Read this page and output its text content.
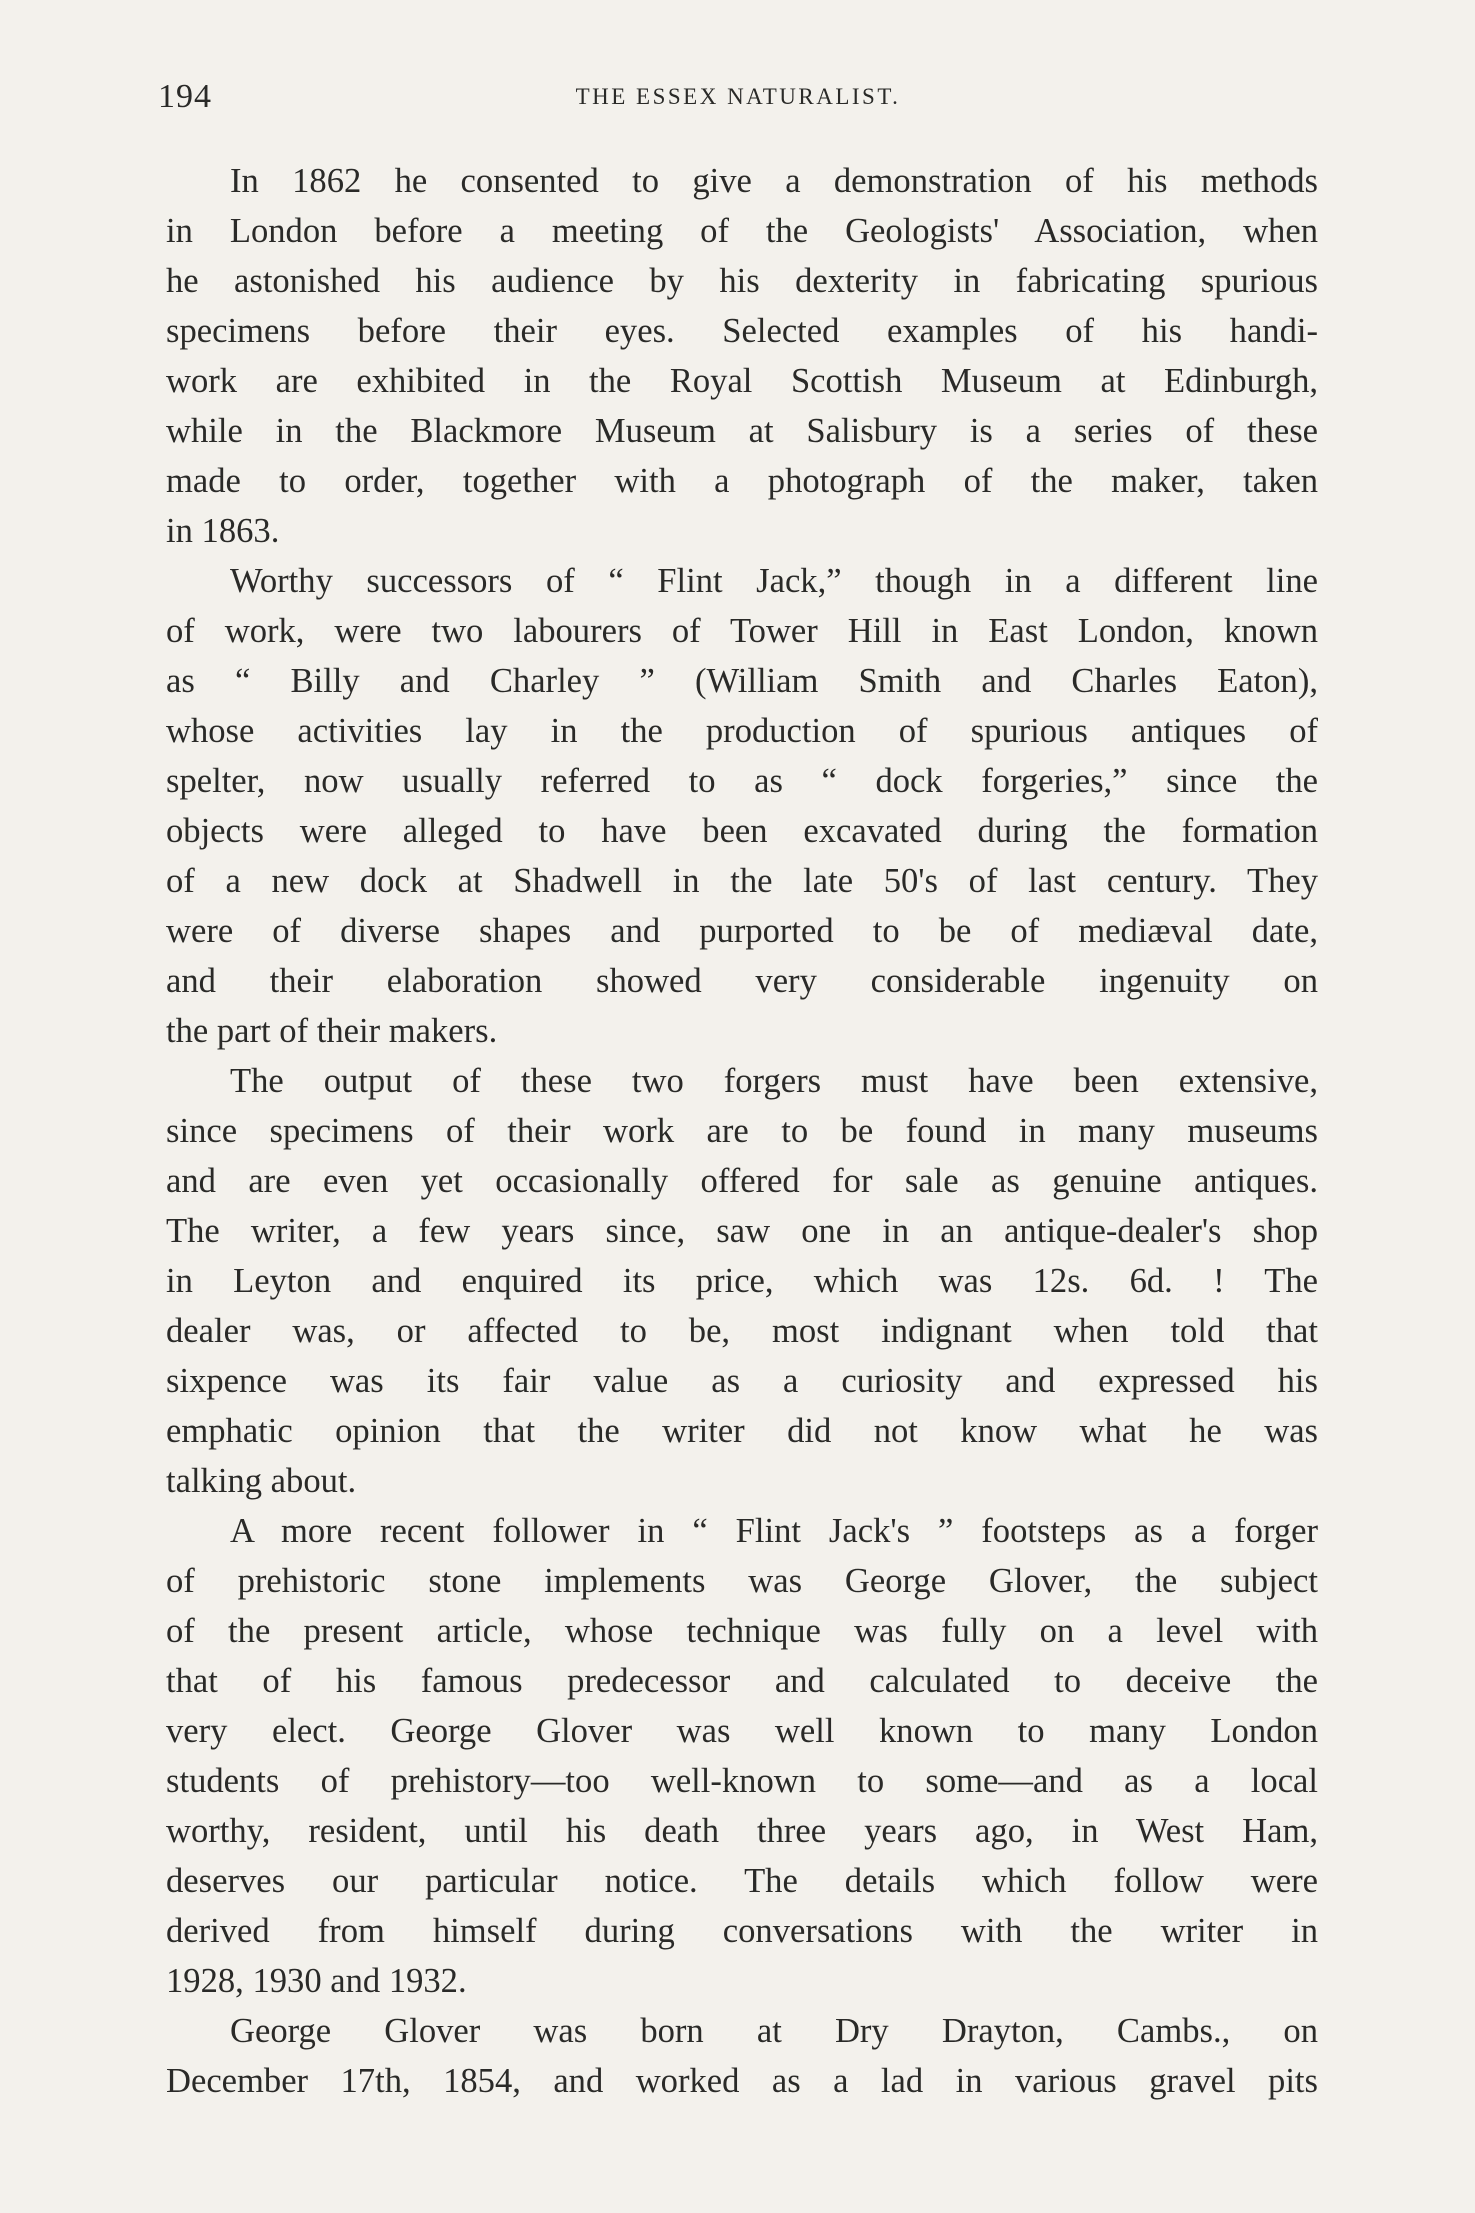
194	THE ESSEX NATURALIST.

In 1862 he consented to give a demonstration of his methods
in London before a meeting of the Geologists' Association, when
he astonished his audience by his dexterity in fabricating spurious
specimens before their eyes. Selected examples of his handi-
work are exhibited in the Royal Scottish Museum at Edinburgh,
while in the Blackmore Museum at Salisbury is a series of these
made to order, together with a photograph of the maker, taken
in 1863.

Worthy successors of “ Flint Jack,” though in a different line
of work, were two labourers of Tower Hill in East London, known
as “ Billy and Charley ” (William Smith and Charles Eaton),
whose activities lay in the production of spurious antiques of
spelter, now usually referred to as “ dock forgeries,” since the
objects were alleged to have been excavated during the formation
of a new dock at Shadwell in the late 50's of last century. They
were of diverse shapes and purported to be of mediæval date,
and their elaboration showed very considerable ingenuity on
the part of their makers.

The output of these two forgers must have been extensive,
since specimens of their work are to be found in many museums
and are even yet occasionally offered for sale as genuine antiques.
The writer, a few years since, saw one in an antique-dealer's shop
in Leyton and enquired its price, which was 12s. 6d. ! The
dealer was, or affected to be, most indignant when told that
sixpence was its fair value as a curiosity and expressed his
emphatic opinion that the writer did not know what he was
talking about.

A more recent follower in “ Flint Jack's ” footsteps as a forger
of prehistoric stone implements was George Glover, the subject
of the present article, whose technique was fully on a level with
that of his famous predecessor and calculated to deceive the
very elect. George Glover was well known to many London
students of prehistory—too well-known to some—and as a local
worthy, resident, until his death three years ago, in West Ham,
deserves our particular notice. The details which follow were
derived from himself during conversations with the writer in
1928, 1930 and 1932.

George Glover was born at Dry Drayton, Cambs., on
December 17th, 1854, and worked as a lad in various gravel pits
